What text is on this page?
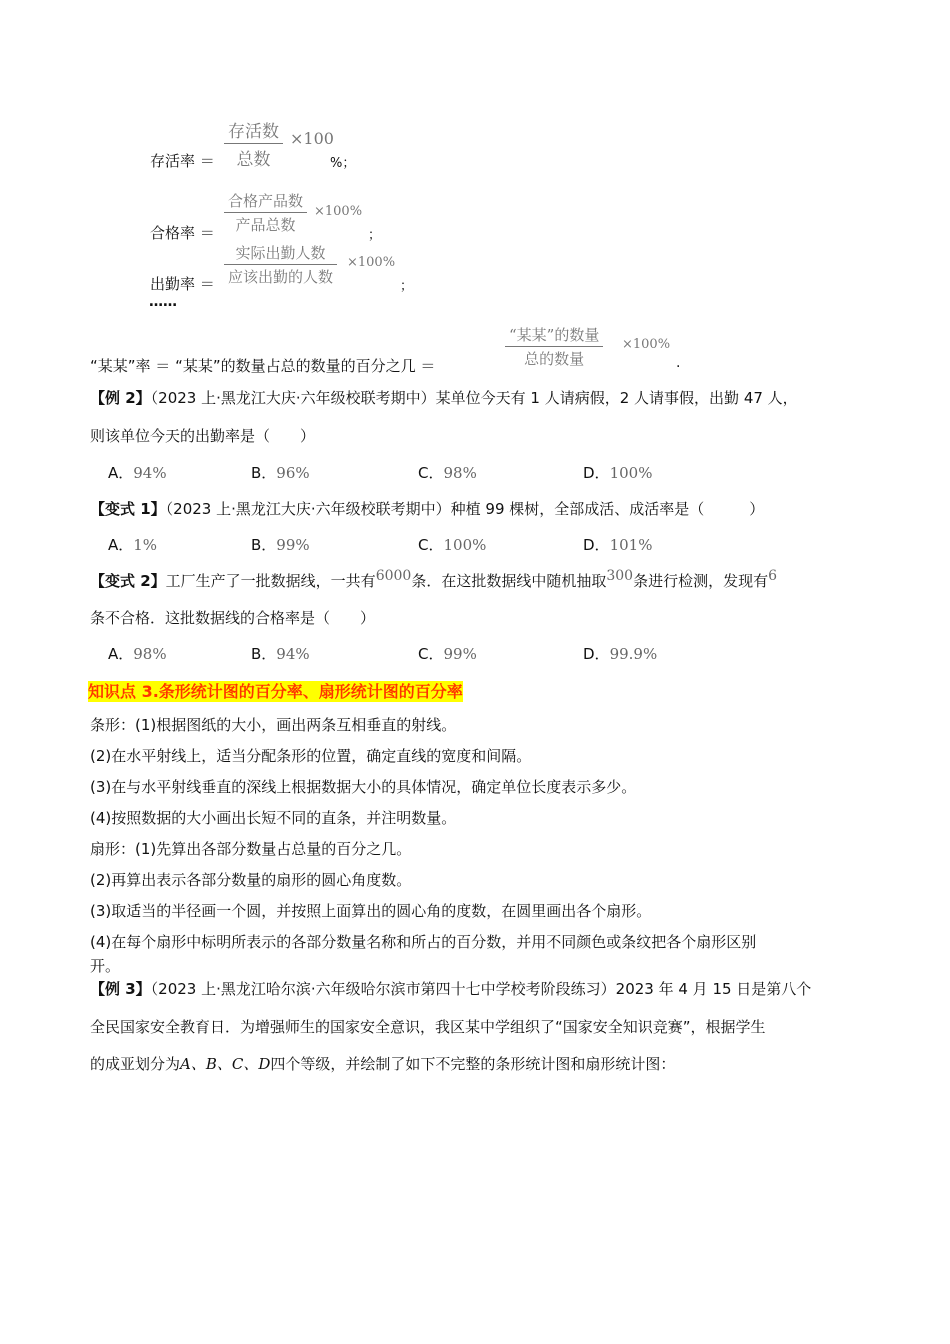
存活率 ＝
存活数
总数
×100
%；
合格率 ＝
合格产品数
产品总数
×100%
；
出勤率 ＝
实际出勤人数
应该出勤的人数
×100%
；
……
“某某”率 ＝ “某某”的数量占总的数量的百分之几 ＝
“某某”的数量
总的数量
×100%
.
【例 2】（2023 上·黑龙江大庆·六年级校联考期中）某单位今天有 1 人请病假，2 人请事假，出勤 47 人，
则该单位今天的出勤率是（　　）
A．94%	B．96%	C．98%	D．100%
【变式 1】（2023 上·黑龙江大庆·六年级校联考期中）种植 99 棵树，全部成活、成活率是（　　　）
A．1%	B．99%	C．100%	D．101%
【变式 2】工厂生产了一批数据线，一共有6000条．在这批数据线中随机抽取300条进行检测，发现有6
条不合格．这批数据线的合格率是（　　）
A．98%	B．94%	C．99%	D．99.9%
知识点 3.条形统计图的百分率、扇形统计图的百分率
条形：(1)根据图纸的大小，画出两条互相垂直的射线。
(2)在水平射线上，适当分配条形的位置，确定直线的宽度和间隔。
(3)在与水平射线垂直的深线上根据数据大小的具体情况，确定单位长度表示多少。
(4)按照数据的大小画出长短不同的直条，并注明数量。
扇形：(1)先算出各部分数量占总量的百分之几。
(2)再算出表示各部分数量的扇形的圆心角度数。
(3)取适当的半径画一个圆，并按照上面算出的圆心角的度数，在圆里画出各个扇形。
(4)在每个扇形中标明所表示的各部分数量名称和所占的百分数，并用不同颜色或条纹把各个扇形区别
开。
【例 3】（2023 上·黑龙江哈尔滨·六年级哈尔滨市第四十七中学校考阶段练习）2023 年 4 月 15 日是第八个
全民国家安全教育日．为增强师生的国家安全意识，我区某中学组织了“国家安全知识竞赛”，根据学生
的成亚划分为A、B、C、D四个等级，并绘制了如下不完整的条形统计图和扇形统计图：
